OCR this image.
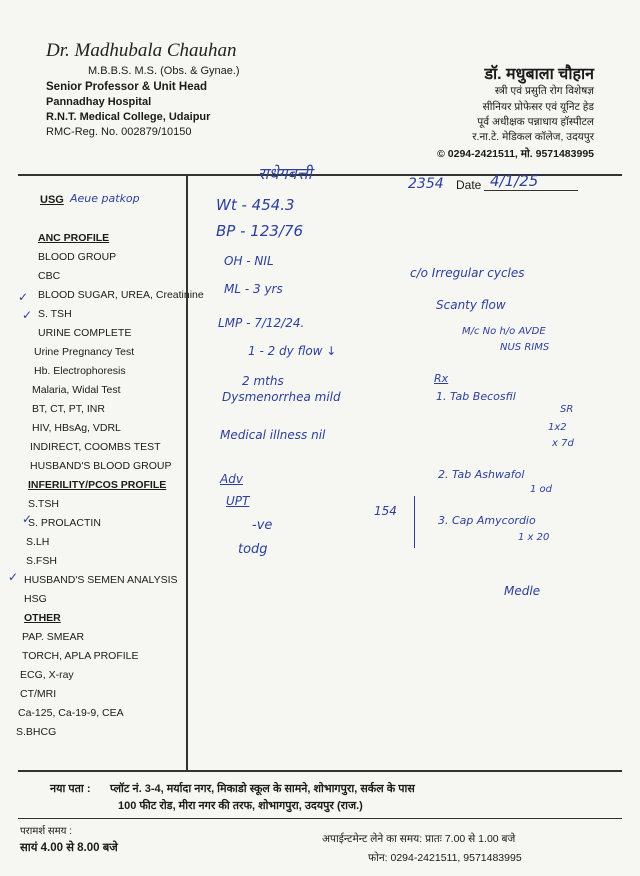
Dr. Madhubala Chauhan
M.B.B.S. M.S. (Obs. & Gynae.)
Senior Professor & Unit Head
Pannadhay Hospital
R.N.T. Medical College, Udaipur
RMC-Reg. No. 002879/10150
डॉ. मधुबाला चौहान
स्त्री एवं प्रसुति रोग विशेषज्ञ
सीनियर प्रोफेसर एवं यूनिट हेड
पूर्व अधीक्षक पन्नाधाय हॉस्पीटल
र.ना.टे. मेडिकल कॉलेज, उदयपुर
© 0294-2421511, मो. 9571483995
राधेगबत्ती
2354 Date 4/1/25
USG Aeue patkop
ANC PROFILE
BLOOD GROUP
CBC
BLOOD SUGAR, UREA, Creatinine
S. TSH
URINE COMPLETE
Urine Pregnancy Test
Hb. Electrophoresis
Malaria, Widal Test
BT, CT, PT, INR
HIV, HBsAg, VDRL
INDIRECT, COOMBS TEST
HUSBAND'S BLOOD GROUP
INFERILITY/PCOS PROFILE
S.TSH
S. PROLACTIN
S.LH
S.FSH
HUSBAND'S SEMEN ANALYSIS
HSG
OTHER
PAP. SMEAR
TORCH, APLA PROFILE
ECG, X-ray
CT/MRI
Ca-125, Ca-19-9, CEA
S.BHCG
✓
✓
✓
✓
Wt - 454.3
BP - 123/76
OH - NIL
ML - 3 yrs
LMP - 7/12/24.
1 - 2 dy flow ↓
2 mths
Dysmenorrhea mild
Medical illness nil
Adv
UPT
-ve
todg
c/o Irregular cycles
Scanty flow
M/c No h/o AVDE
NUS RIMS
Rx
1. Tab Becosfil
SR
1x2
x 7d
2. Tab Ashwafol
1 od
3. Cap Amycordio
1 x 20
Medle
154
नया पता : प्लॉट नं. 3-4, मर्यादा नगर, मिकाडो स्कूल के सामने, शोभागपुरा, सर्कल के पास
100 फीट रोड, मीरा नगर की तरफ, शोभागपुरा, उदयपुर (राज.)
परामर्श समय :
सायं 4.00 से 8.00 बजे
अपाईन्टमेन्ट लेने का समय: प्रातः 7.00 से 1.00 बजे
फोन: 0294-2421511, 9571483995
